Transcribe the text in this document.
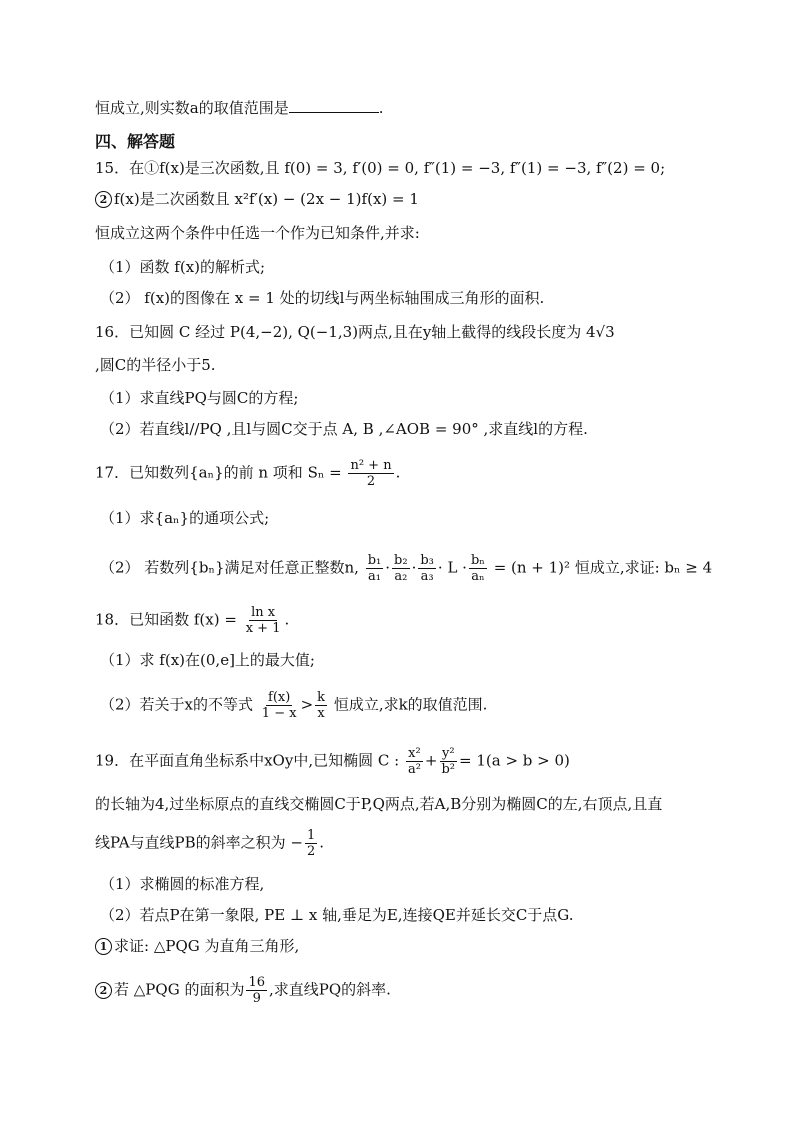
恒成立,则实数a的取值范围是	.
四、解答题
15．在①f(x)是三次函数,且 f(0) = 3, f′(0) = 0, f″(1) = −3, f″(1) = −3, f″(2) = 0;
2 f(x)是二次函数且 x²f′(x) − (2x − 1)f(x) = 1
恒成立这两个条件中任选一个作为已知条件,并求:
（1）函数 f(x)的解析式;
（2） f(x)的图像在 x = 1 处的切线l与两坐标轴围成三角形的面积.
16．已知圆 C 经过 P(4,−2), Q(−1,3)两点,且在y轴上截得的线段长度为 4√3
,圆C的半径小于5.
（1）求直线PQ与圆C的方程;
（2）若直线l//PQ ,且l与圆C交于点 A, B ,∠AOB = 90° ,求直线l的方程.
17．已知数列{aₙ}的前 n 项和 $S_n = \frac{\text{n² + n}}{2}$ .
（1）求{aₙ}的通项公式;
（2） 若数列{bₙ}满足对任意正整数n, $\frac{\text{b₁}}{\text{a₁}} \cdot \frac{\text{b₂}}{\text{a₂}} \cdot \frac{\text{b₃}}{\text{a₃}} \cdot L \cdot \frac{\text{bₙ}}{\text{aₙ}} = (n + 1)^2$ 恒成立,求证: bₙ ≥ 4
18．已知函数 $f(x) = \frac{\text{ln x}}{x + 1}$ .
（1）求 f(x)在(0,e]上的最大值;
（2）若关于x的不等式 $\frac{f(x)}{1 - x} > \frac{k}{x}$ 恒成立,求k的取值范围.
19．在平面直角坐标系中xOy中,已知椭圆 C : $\frac{\text{x²}}{\text{a²}} + \frac{\text{y²}}{\text{b²}} = 1(a > b > 0)$
的长轴为4,过坐标原点的直线交椭圆C于P,Q两点,若A,B分别为椭圆C的左,右顶点,且直
线PA与直线PB的斜率之积为 − $\frac{1}{2}$ .
（1）求椭圆的标准方程,
（2）若点P在第一象限, PE ⊥ x 轴,垂足为E,连接QE并延长交C于点G.
1 求证: △PQG 为直角三角形,
2 若 △PQG 的面积为 $\frac{16}{9}$ ,求直线PQ的斜率.
